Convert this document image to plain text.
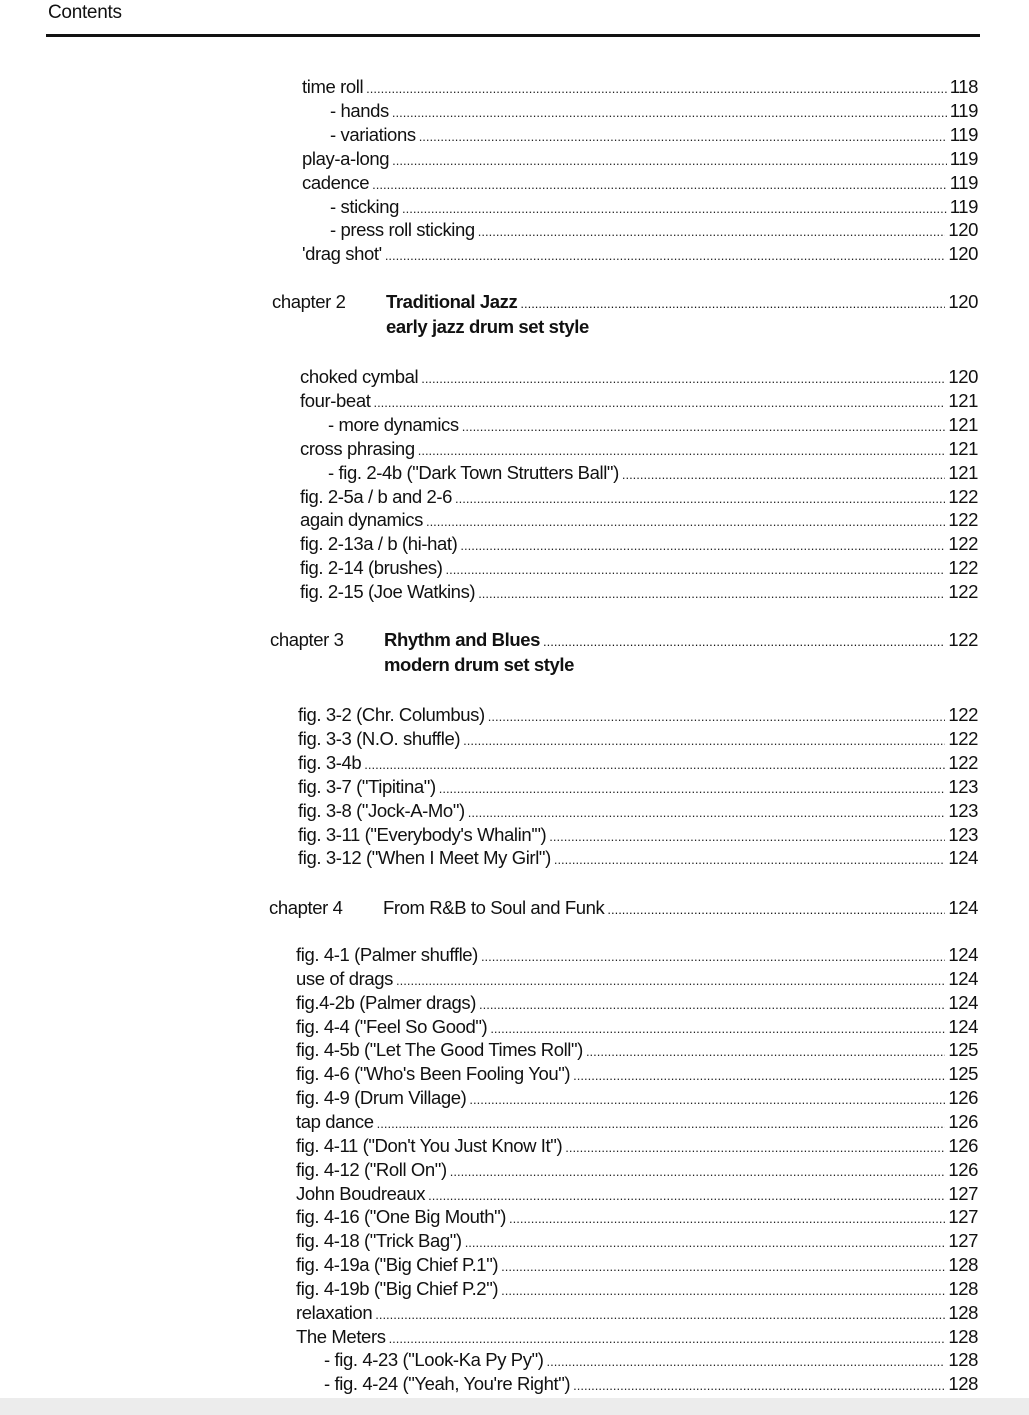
Contents
time roll .....	118
- hands .....	119
- variations .....	119
play-a-long .....	119
cadence .....	119
- sticking .....	119
- press roll sticking .....	120
'drag shot' .....	120
chapter 2	Traditional Jazz .....	120
early jazz drum set style
choked cymbal .....	120
four-beat .....	121
- more dynamics .....	121
cross phrasing .....	121
- fig. 2-4b ("Dark Town Strutters Ball") .....	121
fig. 2-5a / b and 2-6 .....	122
again dynamics .....	122
fig. 2-13a / b (hi-hat) .....	122
fig. 2-14 (brushes) .....	122
fig. 2-15 (Joe Watkins) .....	122
chapter 3	Rhythm and Blues .....	122
modern drum set style
fig. 3-2 (Chr. Columbus) .....	122
fig. 3-3 (N.O. shuffle) .....	122
fig. 3-4b .....	122
fig. 3-7 ("Tipitina") .....	123
fig. 3-8 ("Jock-A-Mo") .....	123
fig. 3-11 ("Everybody's Whalin'") .....	123
fig. 3-12 ("When I Meet My Girl") .....	124
chapter 4	From R&B to Soul and Funk .....	124
fig. 4-1 (Palmer shuffle) .....	124
use of drags .....	124
fig.4-2b (Palmer drags) .....	124
fig. 4-4 ("Feel So Good") .....	124
fig. 4-5b ("Let The Good Times Roll") .....	125
fig. 4-6 ("Who's Been Fooling You") .....	125
fig. 4-9 (Drum Village) .....	126
tap dance .....	126
fig. 4-11 ("Don't You Just Know It") .....	126
fig. 4-12 ("Roll On") .....	126
John Boudreaux .....	127
fig. 4-16 ("One Big Mouth") .....	127
fig. 4-18 ("Trick Bag") .....	127
fig. 4-19a ("Big Chief P.1") .....	128
fig. 4-19b ("Big Chief P.2") .....	128
relaxation .....	128
The Meters .....	128
- fig. 4-23 ("Look-Ka Py Py") .....	128
- fig. 4-24 ("Yeah, You're Right") .....	128
